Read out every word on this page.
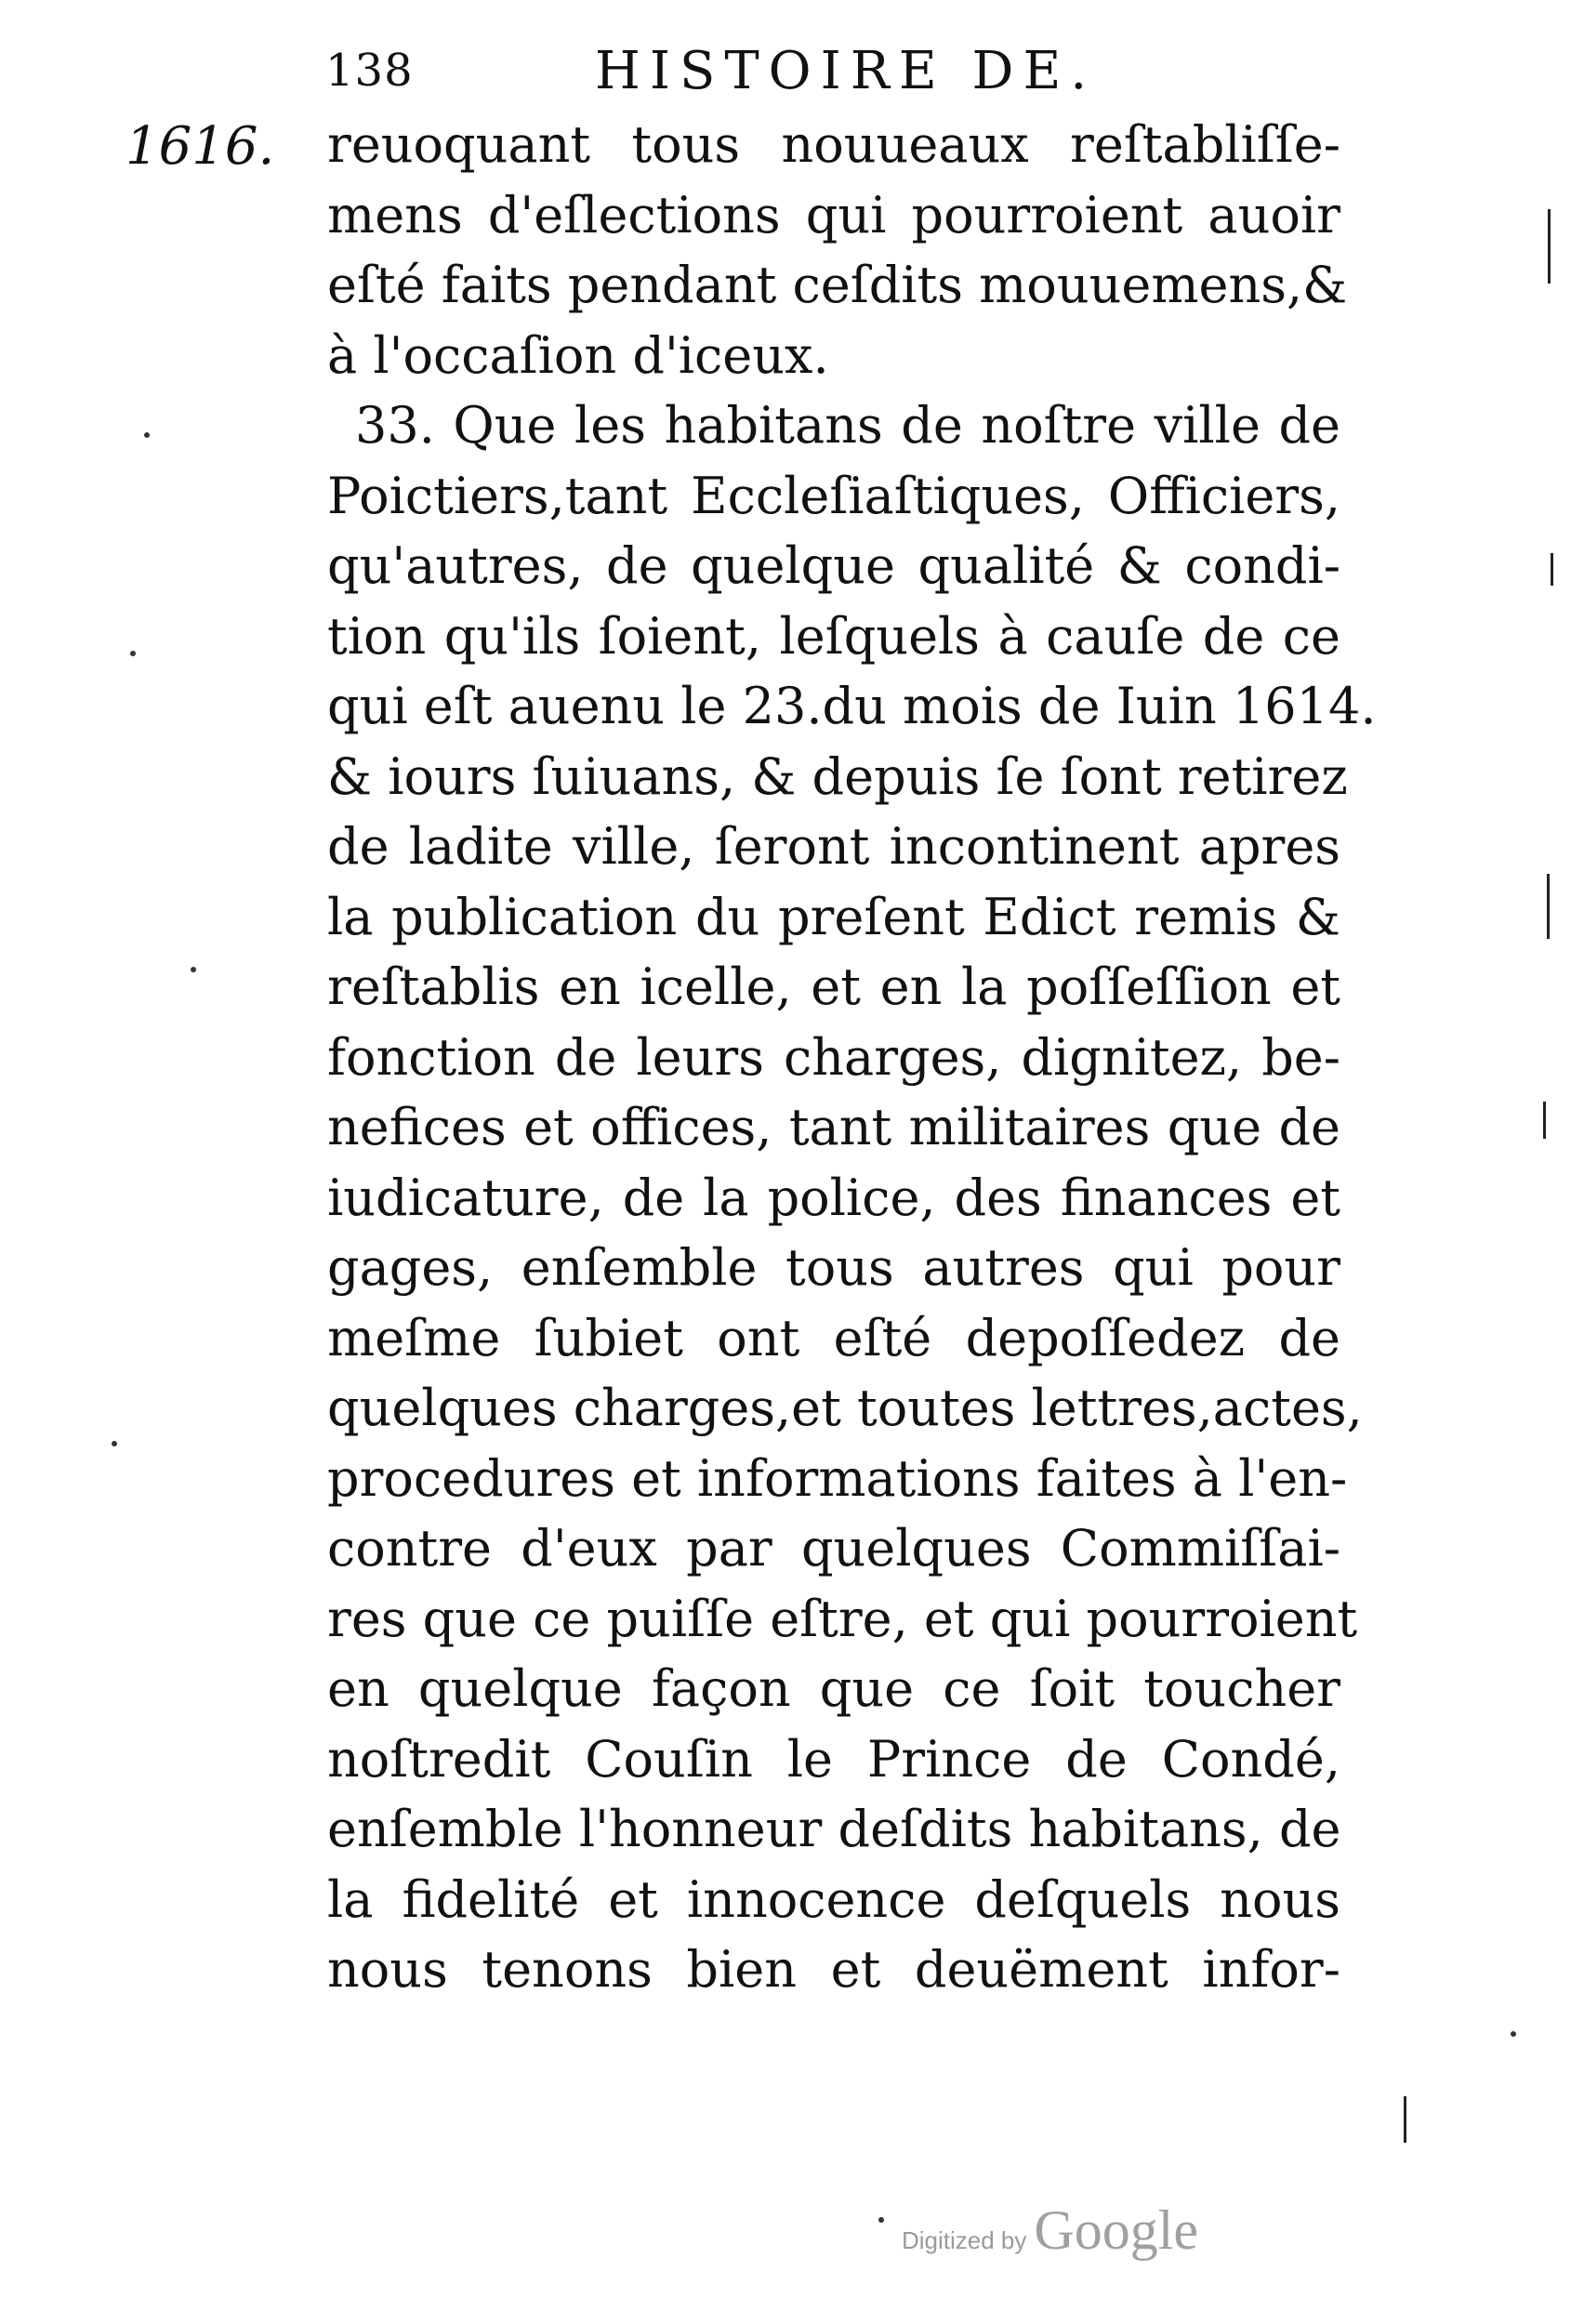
138	HISTOIRE DE.
1616. reuoquant tous nouueaux reſtabliſſe-
mens d'eſlections qui pourroient auoir
eſté faits pendant ceſdits mouuemens,&
à l'occaſion d'iceux.
33. Que les habitans de noſtre ville de
Poictiers,tant Eccleſiaſtiques, Officiers,
qu'autres, de quelque qualité & condi-
tion qu'ils ſoient, leſquels à cauſe de ce
qui eſt auenu le 23.du mois de Iuin 1614.
& iours ſuiuans, & depuis ſe ſont retirez
de ladite ville, ſeront incontinent apres
la publication du preſent Edict remis &
reſtablis en icelle, et en la poſſeſſion et
fonction de leurs charges, dignitez, be-
nefices et offices, tant militaires que de
iudicature, de la police, des finances et
gages, enſemble tous autres qui pour
meſme ſubiet ont eſté depoſſedez de
quelques charges,et toutes lettres,actes,
procedures et informations faites à l'en-
contre d'eux par quelques Commiſſai-
res que ce puiſſe eſtre, et qui pourroient
en quelque façon que ce ſoit toucher
noſtredit Couſin le Prince de Condé,
enſemble l'honneur deſdits habitans, de
la fidelité et innocence deſquels nous
nous tenons bien et deuëment infor-
Digitized by Google
